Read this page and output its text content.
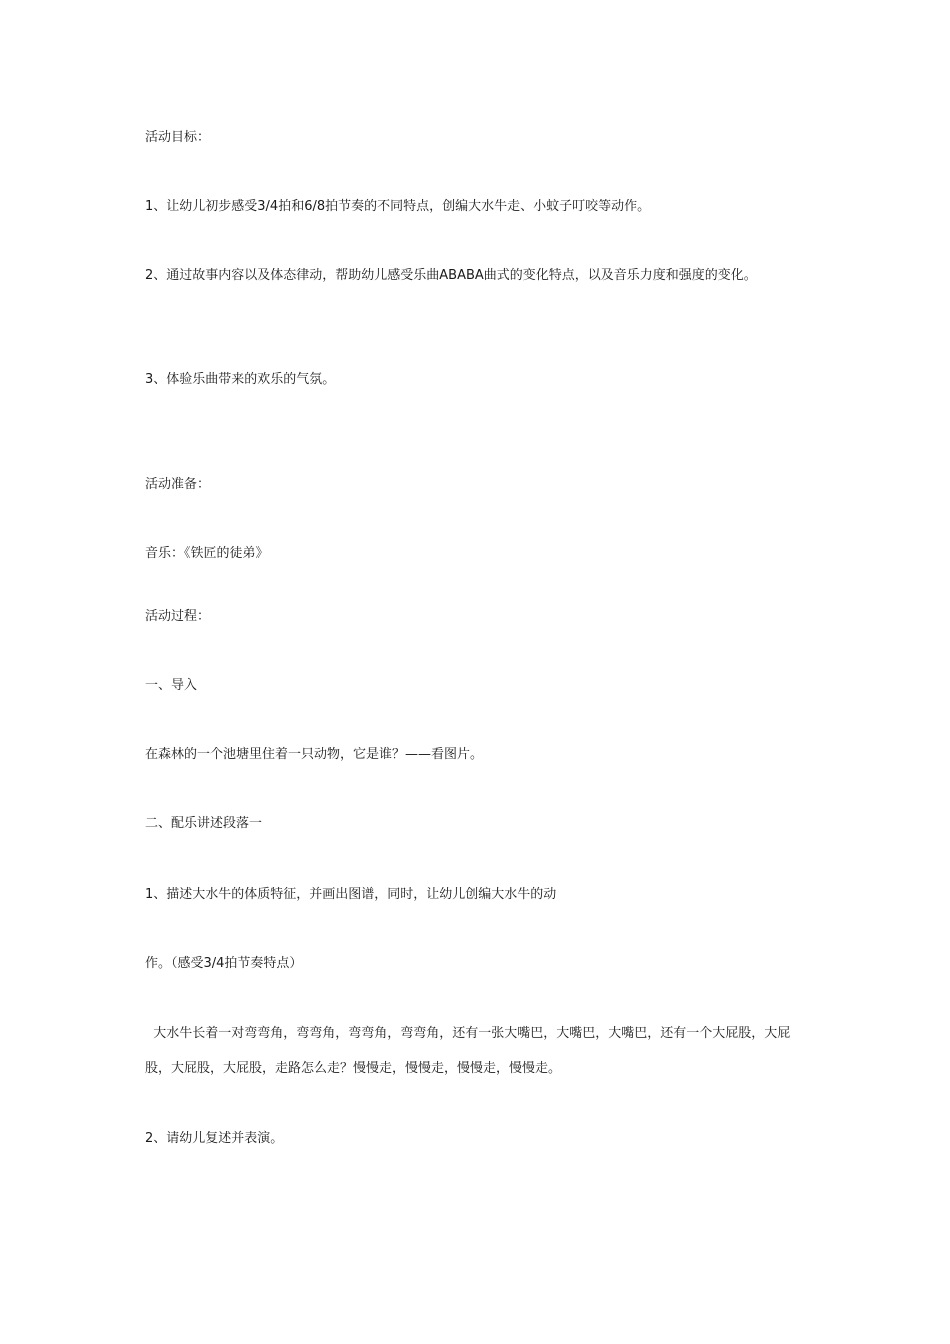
活动目标：

1、让幼儿初步感受3/4拍和6/8拍节奏的不同特点，创编大水牛走、小蚊子叮咬等动作。

2、通过故事内容以及体态律动，帮助幼儿感受乐曲ABABA曲式的变化特点，以及音乐力度和强度的变化。

3、体验乐曲带来的欢乐的气氛。

活动准备：

音乐：《铁匠的徒弟》

活动过程：

一、导入

在森林的一个池塘里住着一只动物，它是谁？——看图片。

二、配乐讲述段落一

1、描述大水牛的体质特征，并画出图谱，同时，让幼儿创编大水牛的动

作。（感受3/4拍节奏特点）

大水牛长着一对弯弯角，弯弯角，弯弯角，弯弯角，还有一张大嘴巴，大嘴巴，大嘴巴，还有一个大屁股，大屁股，大屁股，大屁股，走路怎么走？慢慢走，慢慢走，慢慢走，慢慢走。

2、请幼儿复述并表演。
